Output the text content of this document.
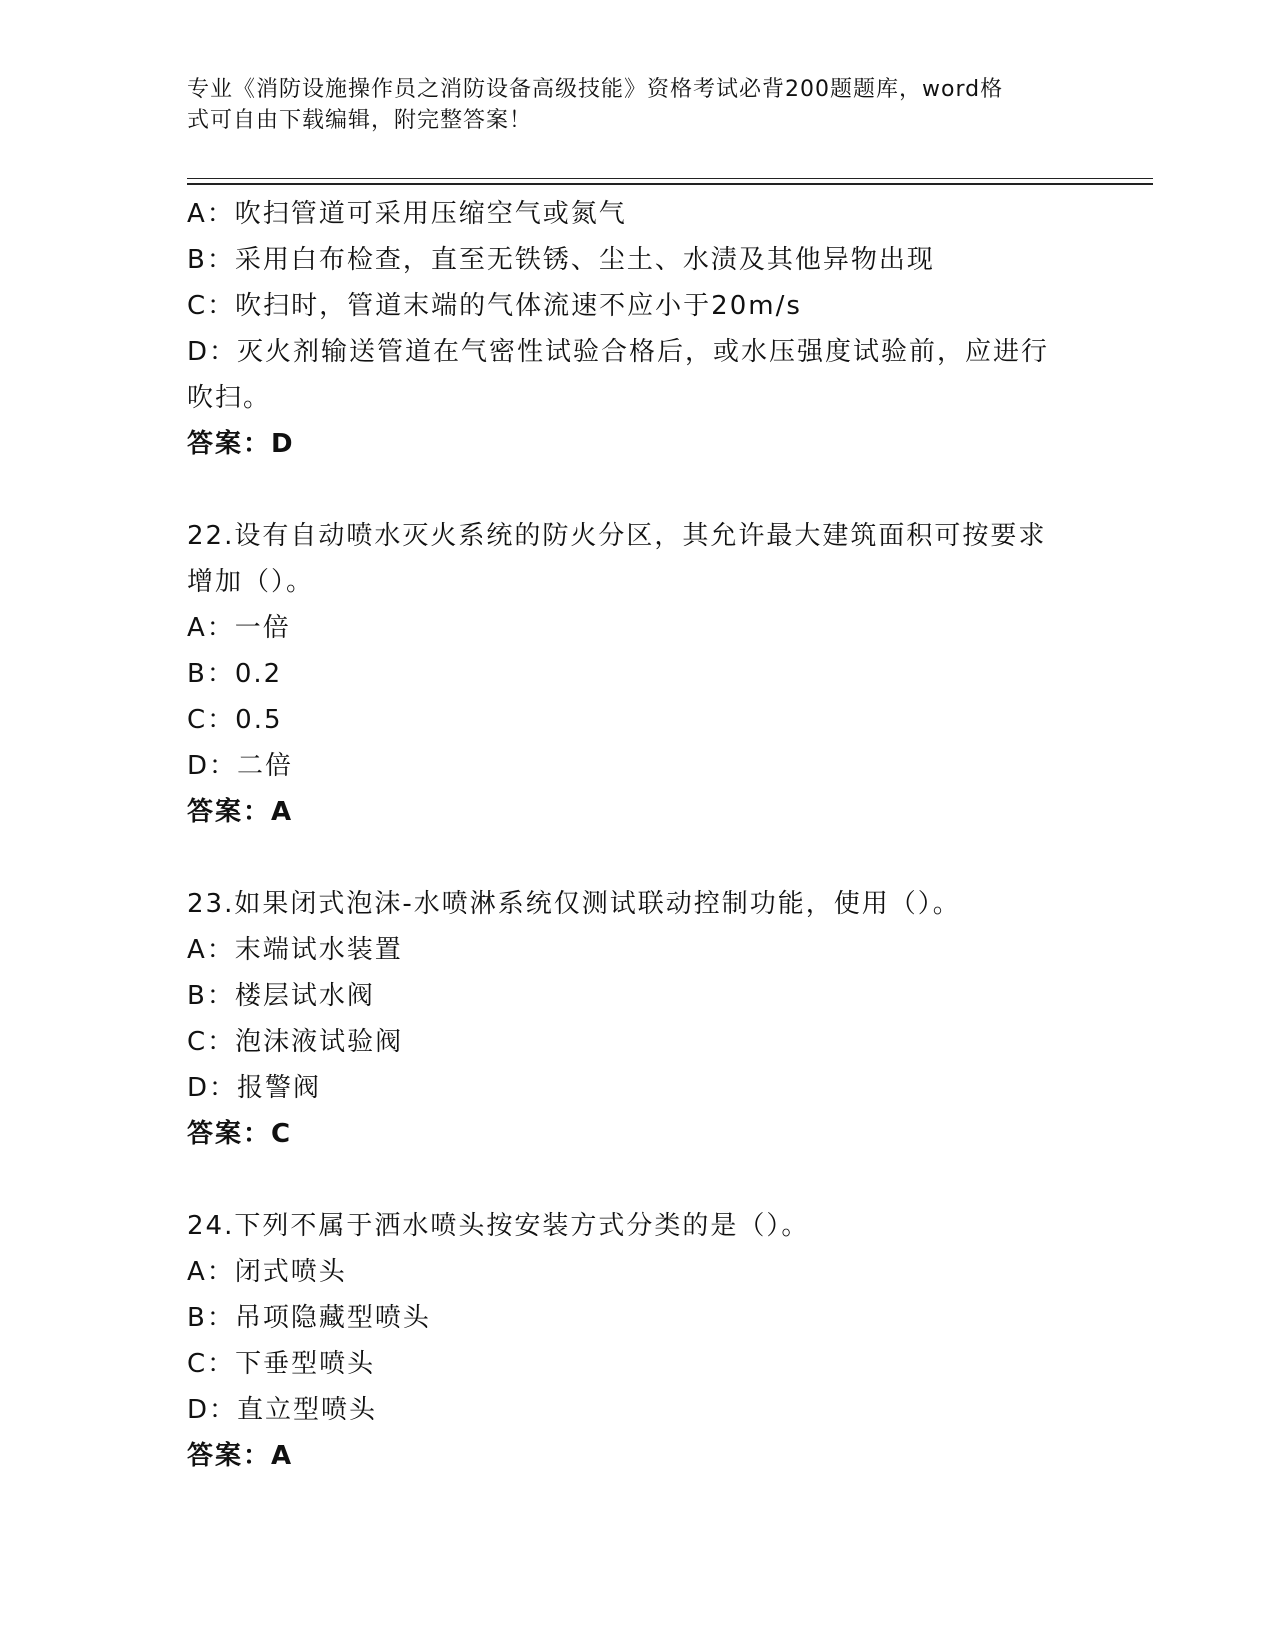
专业《消防设施操作员之消防设备高级技能》资格考试必背200题题库，word格
式可自由下载编辑，附完整答案！
A：吹扫管道可采用压缩空气或氮气
B：采用白布检查，直至无铁锈、尘土、水渍及其他异物出现
C：吹扫时，管道末端的气体流速不应小于20m/s
D：灭火剂输送管道在气密性试验合格后，或水压强度试验前，应进行
吹扫。
答案：D
22.设有自动喷水灭火系统的防火分区，其允许最大建筑面积可按要求
增加（）。
A：一倍
B：0.2
C：0.5
D：二倍
答案：A
23.如果闭式泡沫-水喷淋系统仅测试联动控制功能，使用（）。
A：末端试水装置
B：楼层试水阀
C：泡沫液试验阀
D：报警阀
答案：C
24.下列不属于洒水喷头按安装方式分类的是（）。
A：闭式喷头
B：吊项隐藏型喷头
C：下垂型喷头
D：直立型喷头
答案：A
